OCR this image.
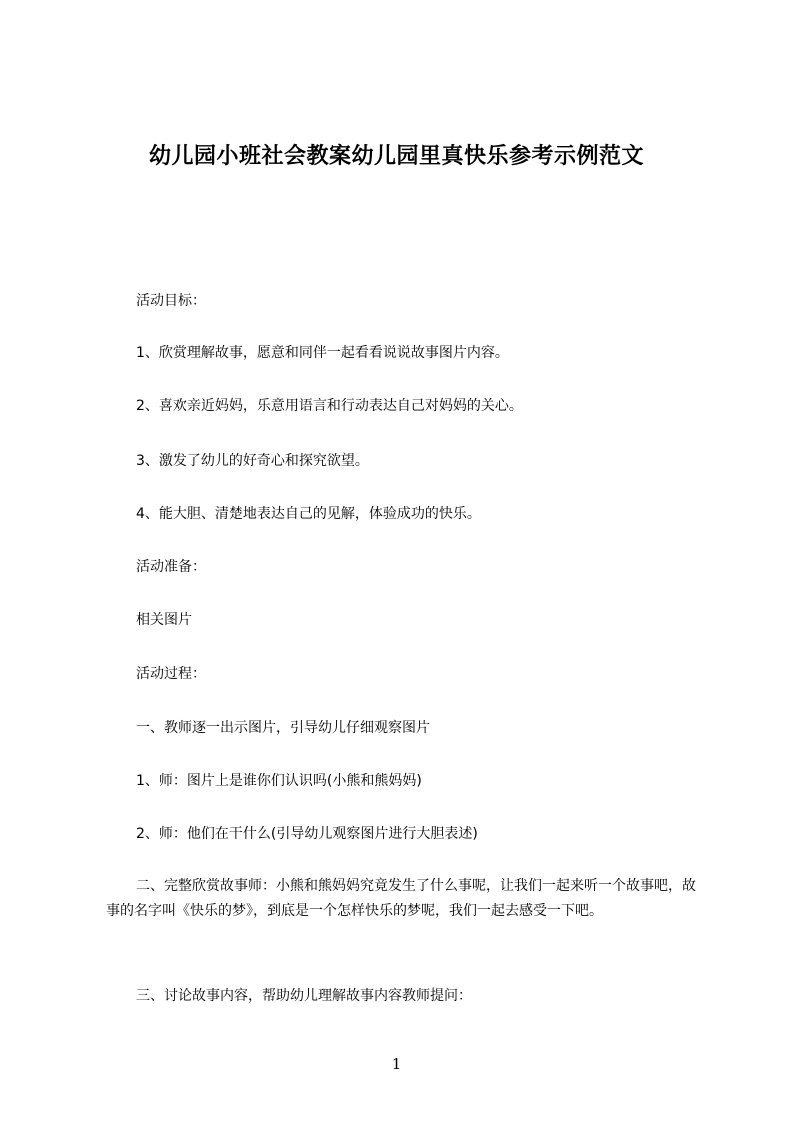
幼儿园小班社会教案幼儿园里真快乐参考示例范文

活动目标：

1、欣赏理解故事，愿意和同伴一起看看说说故事图片内容。

2、喜欢亲近妈妈，乐意用语言和行动表达自己对妈妈的关心。

3、激发了幼儿的好奇心和探究欲望。

4、能大胆、清楚地表达自己的见解，体验成功的快乐。

活动准备：

相关图片

活动过程：

一、教师逐一出示图片，引导幼儿仔细观察图片

1、师：图片上是谁你们认识吗(小熊和熊妈妈)

2、师：他们在干什么(引导幼儿观察图片进行大胆表述)

二、完整欣赏故事师：小熊和熊妈妈究竟发生了什么事呢，让我们一起来听一个故事吧，故事的名字叫《快乐的梦》，到底是一个怎样快乐的梦呢，我们一起去感受一下吧。

三、讨论故事内容，帮助幼儿理解故事内容教师提问：

1
